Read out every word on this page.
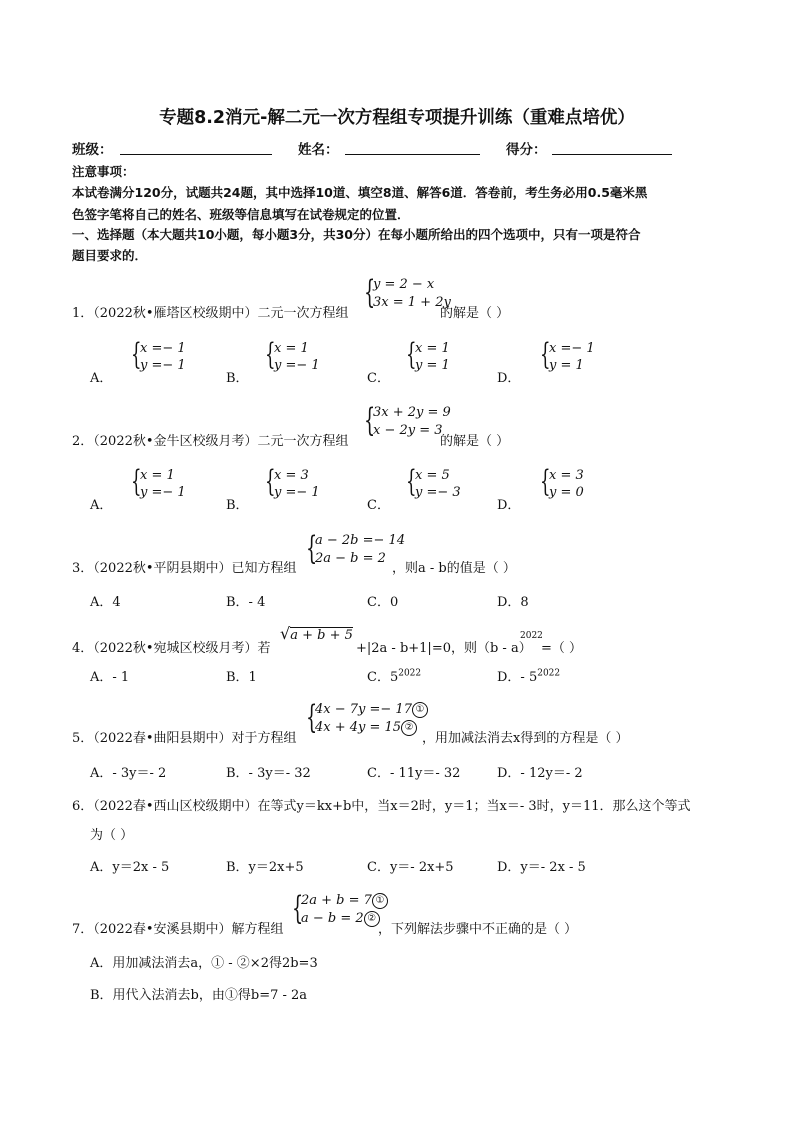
专题8.2消元-解二元一次方程组专项提升训练（重难点培优）
班级：	姓名：	得分：
注意事项：
本试卷满分120分，试题共24题，其中选择10道、填空8道、解答6道．答卷前，考生务必用0.5毫米黑
色签字笔将自己的姓名、班级等信息填写在试卷规定的位置．
一、选择题（本大题共10小题，每小题3分，共30分）在每小题所给出的四个选项中，只有一项是符合
题目要求的．
{
y = 2 − x
3x = 1 + 2y
1．（2022秋•雁塔区校级期中）二元一次方程组	的解是（ ）
A．
{
x =− 1
y =− 1
B．
{
x = 1
y =− 1
C．
{
x = 1
y = 1
D．
{
x =− 1
y = 1
{
3x + 2y = 9
x − 2y = 3
2．（2022秋•金牛区校级月考）二元一次方程组	的解是（ ）
A．
{
x = 1
y =− 1
B．
{
x = 3
y =− 1
C．
{
x = 5
y =− 3
D．
{
x = 3
y = 0
{
a − 2b =− 14
2a − b = 2
3．（2022秋•平阴县期中）已知方程组	，则a - b的值是（ ）
A．4	B．- 4	C．0	D．8
4．（2022秋•宛城区校级月考）若
√a + b + 5
+|2a - b+1|=0，则（b - a）
2022
=（ ）
A．- 1	B．1	C．$5^{2022}$	D．- $5^{2022}$
{
4x − 7y =− 17 ①
4x + 4y = 15 ②
5．（2022春•曲阳县期中）对于方程组	，用加减法消去x得到的方程是（ ）
A．- 3y＝- 2	B．- 3y＝- 32	C．- 11y＝- 32	D．- 12y＝- 2
6．（2022春•西山区校级期中）在等式y＝kx+b中，当x＝2时，y＝1；当x＝- 3时，y＝11．那么这个等式
为（ ）
A．y＝2x - 5	B．y＝2x+5	C．y＝- 2x+5	D．y＝- 2x - 5
{
2a + b = 7 ①
a − b = 2 ②
7．（2022春•安溪县期中）解方程组	，下列解法步骤中不正确的是（ ）
A．用加减法消去a，① - ②×2得2b=3
B．用代入法消去b，由①得b=7 - 2a
